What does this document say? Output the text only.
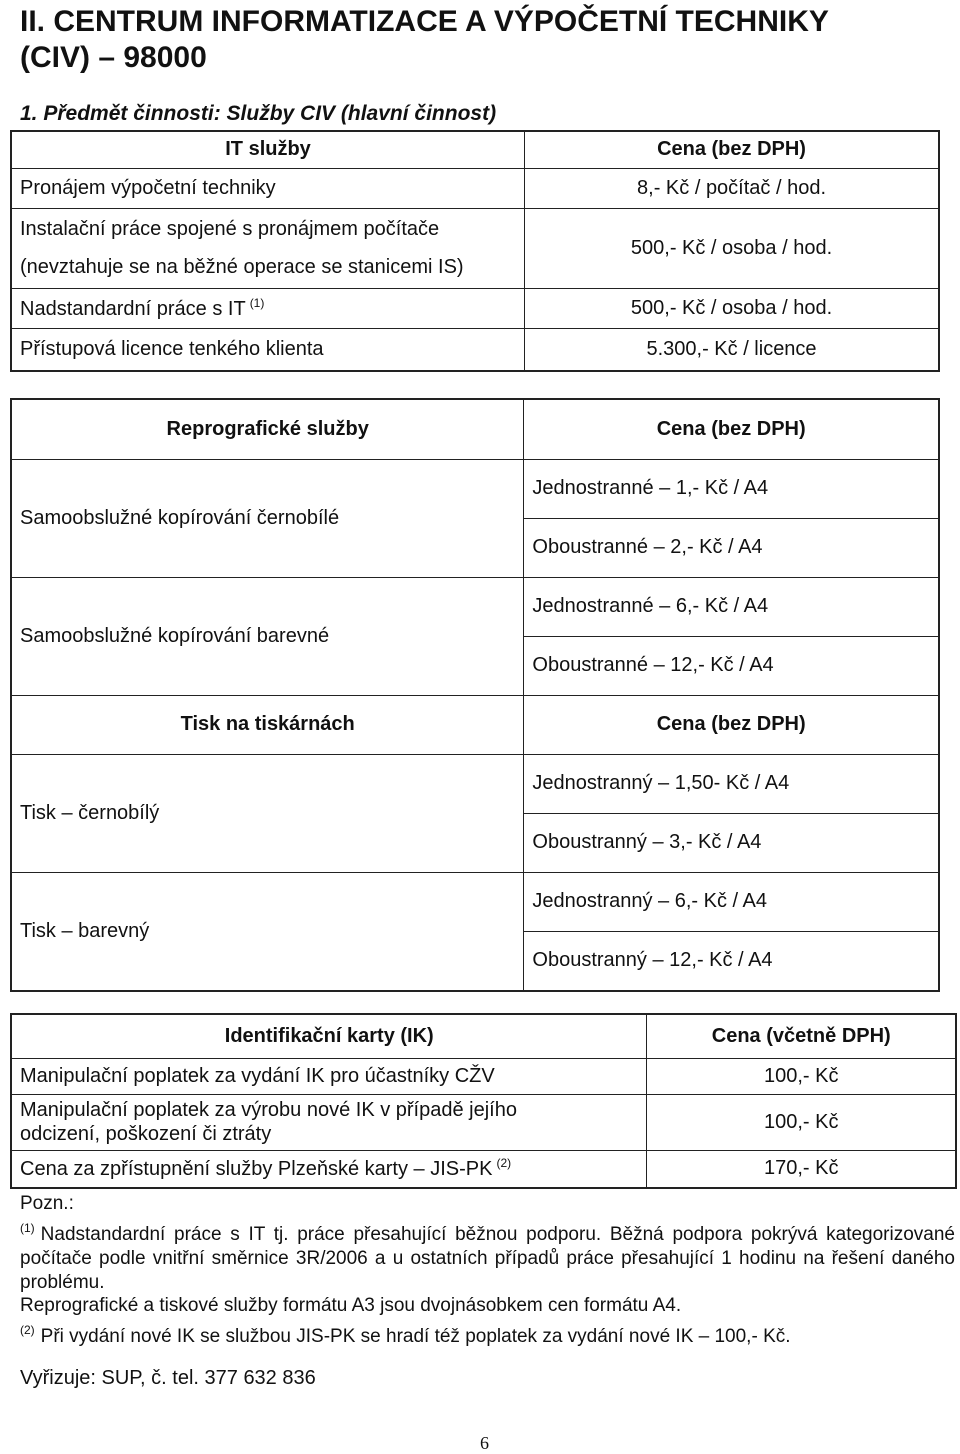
II. CENTRUM INFORMATIZACE A VÝPOČETNÍ TECHNIKY
(CIV) – 98000
1. Předmět činnosti: Služby CIV (hlavní činnost)
IT služby	Cena (bez DPH)
Pronájem výpočetní techniky	8,- Kč / počítač / hod.

Instalační práce spojené s pronájmem počítače
(nevztahuje se na běžné operace se stanicemi IS)	500,- Kč / osoba / hod.
Nadstandardní práce s IT $^{(1)}$	500,- Kč / osoba / hod.
Přístupová licence tenkého klienta	5.300,- Kč / licence
Reprografické služby	Cena (bez DPH)
Samoobslužné kopírování černobílé	Jednostranné – 1,- Kč / A4
	Oboustranné – 2,- Kč / A4
Samoobslužné kopírování barevné	Jednostranné – 6,- Kč / A4
	Oboustranné – 12,- Kč / A4
Tisk na tiskárnách	Cena (bez DPH)
Tisk – černobílý	Jednostranný – 1,50- Kč / A4
	Oboustranný – 3,- Kč / A4
Tisk – barevný	Jednostranný – 6,- Kč / A4
	Oboustranný – 12,- Kč / A4
Identifikační karty (IK)	Cena (včetně DPH)
Manipulační poplatek za vydání IK pro účastníky CŽV	100,- Kč

Manipulační poplatek za výrobu nové IK v případě jejího
odcizení, poškození či ztráty	100,- Kč
Cena za zpřístupnění služby Plzeňské karty – JIS-PK $^{(2)}$	170,- Kč
Pozn.:
$^{(1)}$ Nadstandardní práce s IT tj. práce přesahující běžnou podporu. Běžná podpora pokrývá kategorizované počítače podle vnitřní směrnice 3R/2006 a u ostatních případů práce přesahující 1 hodinu na řešení daného problému.
Reprografické a tiskové služby formátu A3 jsou dvojnásobkem cen formátu A4.
$^{(2)}$ Při vydání nové IK se službou JIS-PK se hradí též poplatek za vydání nové IK – 100,- Kč.
Vyřizuje: SUP, č. tel. 377 632 836
6
